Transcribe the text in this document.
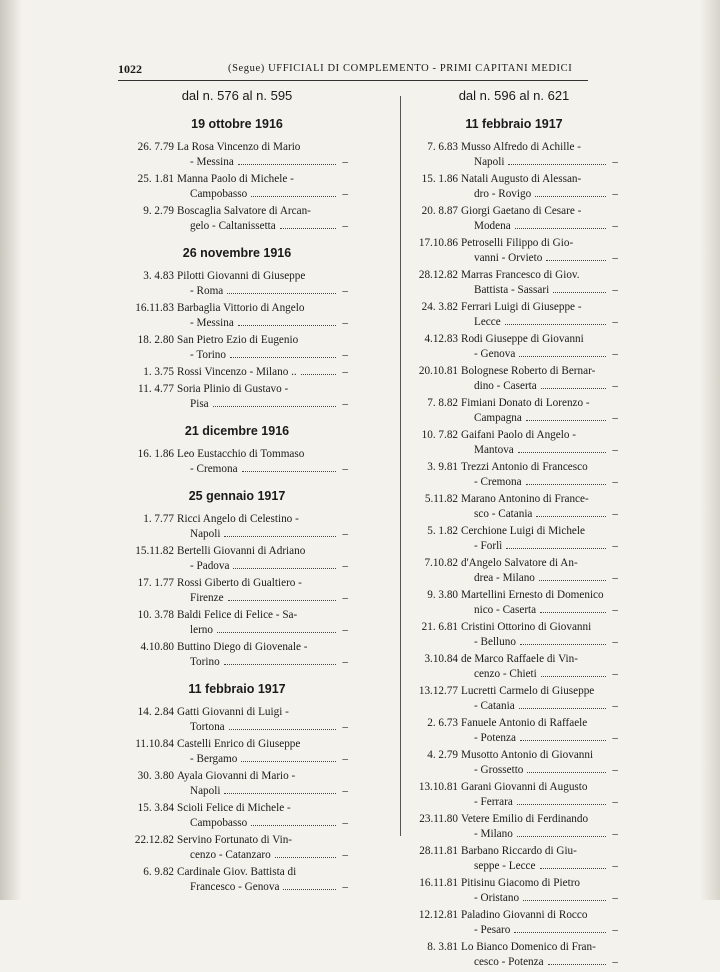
1022	(Segue) UFFICIALI DI COMPLEMENTO - PRIMI CAPITANI MEDICI
dal n. 576 al n. 595
19 ottobre 1916
26. 7.79 La Rosa Vincenzo di Mario
- Messina	–
25. 1.81 Manna Paolo di Michele -
Campobasso	–
9. 2.79 Boscaglia Salvatore di Arcan-
gelo - Caltanissetta	–
26 novembre 1916
3. 4.83 Pilotti Giovanni di Giuseppe
- Roma	–
16.11.83 Barbaglia Vittorio di Angelo
- Messina	–
18. 2.80 San Pietro Ezio di Eugenio
- Torino	–
1. 3.75 Rossi Vincenzo - Milano ..	–
11. 4.77 Soria Plinio di Gustavo -
Pisa	–
21 dicembre 1916
16. 1.86 Leo Eustacchio di Tommaso
- Cremona	–
25 gennaio 1917
1. 7.77 Ricci Angelo di Celestino -
Napoli	–
15.11.82 Bertelli Giovanni di Adriano
- Padova	–
17. 1.77 Rossi Giberto di Gualtiero -
Firenze	–
10. 3.78 Baldi Felice di Felice - Sa-
lerno	–
4.10.80 Buttino Diego di Giovenale -
Torino	–
11 febbraio 1917
14. 2.84 Gatti Giovanni di Luigi -
Tortona	–
11.10.84 Castelli Enrico di Giuseppe
- Bergamo	–
30. 3.80 Ayala Giovanni di Mario -
Napoli	–
15. 3.84 Scioli Felice di Michele -
Campobasso	–
22.12.82 Servino Fortunato di Vin-
cenzo - Catanzaro	–
6. 9.82 Cardinale Giov. Battista di
Francesco - Genova	–
dal n. 596 al n. 621
11 febbraio 1917
7. 6.83 Musso Alfredo di Achille -
Napoli	–
15. 1.86 Natali Augusto di Alessan-
dro - Rovigo	–
20. 8.87 Giorgi Gaetano di Cesare -
Modena	–
17.10.86 Petroselli Filippo di Gio-
vanni - Orvieto	–
28.12.82 Marras Francesco di Giov.
Battista - Sassari	–
24. 3.82 Ferrari Luigi di Giuseppe -
Lecce	–
4.12.83 Rodi Giuseppe di Giovanni
- Genova	–
20.10.81 Bolognese Roberto di Bernar-
dino - Caserta	–
7. 8.82 Fimiani Donato di Lorenzo -
Campagna	–
10. 7.82 Gaifani Paolo di Angelo -
Mantova	–
3. 9.81 Trezzi Antonio di Francesco
- Cremona	–
5.11.82 Marano Antonino di France-
sco - Catania	–
5. 1.82 Cerchione Luigi di Michele
- Forlì	–
7.10.82 d'Angelo Salvatore di An-
drea - Milano	–
9. 3.80 Martellini Ernesto di Domenico
nico - Caserta	–
21. 6.81 Cristini Ottorino di Giovanni
- Belluno	–
3.10.84 de Marco Raffaele di Vin-
cenzo - Chieti	–
13.12.77 Lucretti Carmelo di Giuseppe
- Catania	–
2. 6.73 Fanuele Antonio di Raffaele
- Potenza	–
4. 2.79 Musotto Antonio di Giovanni
- Grossetto	–
13.10.81 Garani Giovanni di Augusto
- Ferrara	–
23.11.80 Vetere Emilio di Ferdinando
- Milano	–
28.11.81 Barbano Riccardo di Giu-
seppe - Lecce	–
16.11.81 Pitisinu Giacomo di Pietro
- Oristano	–
12.12.81 Paladino Giovanni di Rocco
- Pesaro	–
8. 3.81 Lo Bianco Domenico di Fran-
cesco - Potenza	–
